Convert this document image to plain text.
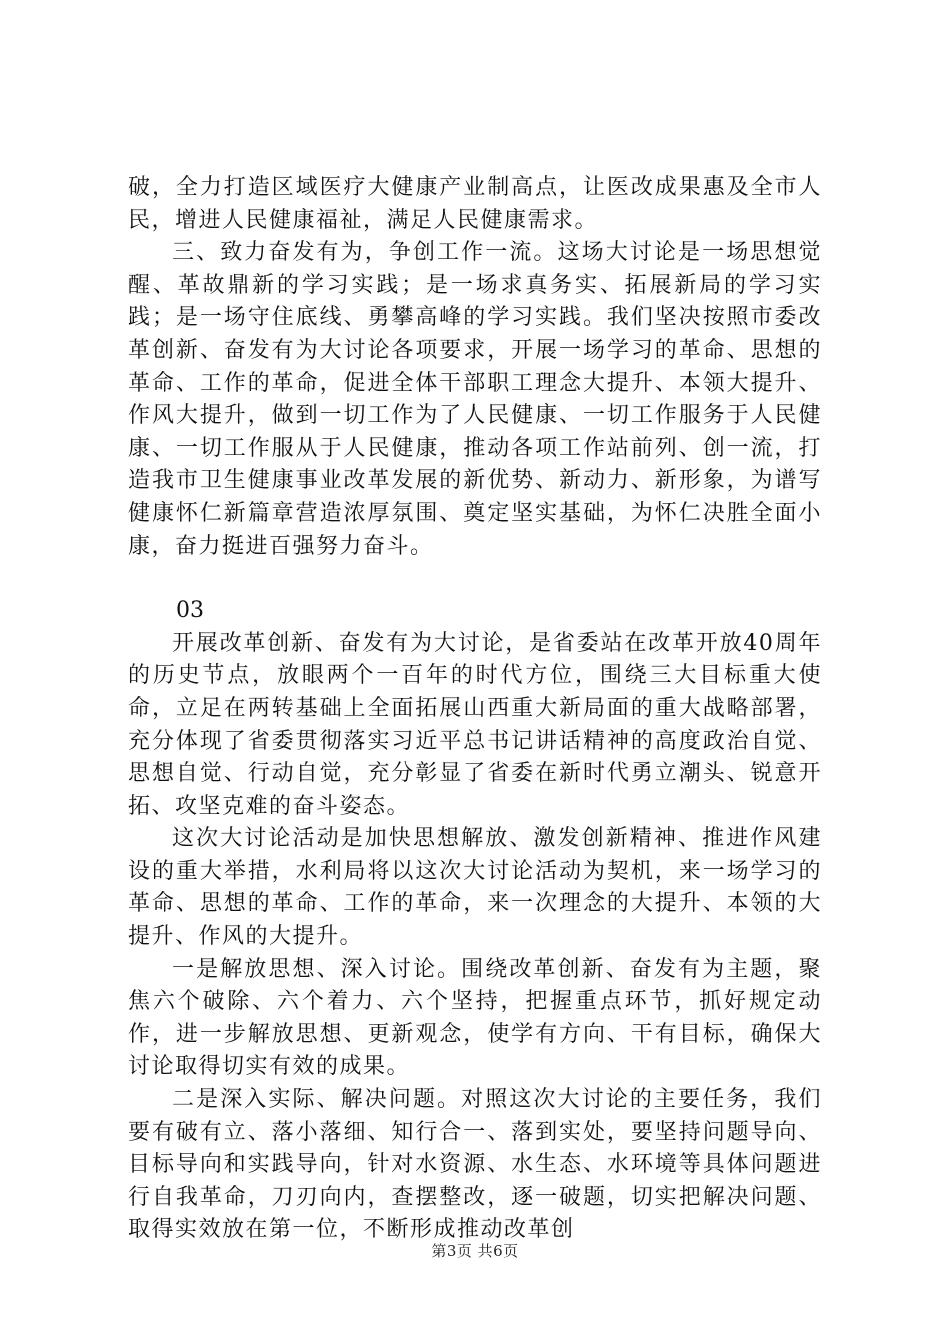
破，全力打造区域医疗大健康产业制高点，让医改成果惠及全市人民，增进人民健康福祉，满足人民健康需求。

三、致力奋发有为，争创工作一流。这场大讨论是一场思想觉醒、革故鼎新的学习实践；是一场求真务实、拓展新局的学习实践；是一场守住底线、勇攀高峰的学习实践。我们坚决按照市委改革创新、奋发有为大讨论各项要求，开展一场学习的革命、思想的革命、工作的革命，促进全体干部职工理念大提升、本领大提升、作风大提升，做到一切工作为了人民健康、一切工作服务于人民健康、一切工作服从于人民健康，推动各项工作站前列、创一流，打造我市卫生健康事业改革发展的新优势、新动力、新形象，为谱写健康怀仁新篇章营造浓厚氛围、奠定坚实基础，为怀仁决胜全面小康，奋力挺进百强努力奋斗。

03

开展改革创新、奋发有为大讨论，是省委站在改革开放40周年的历史节点，放眼两个一百年的时代方位，围绕三大目标重大使命，立足在两转基础上全面拓展山西重大新局面的重大战略部署，充分体现了省委贯彻落实习近平总书记讲话精神的高度政治自觉、思想自觉、行动自觉，充分彰显了省委在新时代勇立潮头、锐意开拓、攻坚克难的奋斗姿态。

这次大讨论活动是加快思想解放、激发创新精神、推进作风建设的重大举措，水利局将以这次大讨论活动为契机，来一场学习的革命、思想的革命、工作的革命，来一次理念的大提升、本领的大提升、作风的大提升。

一是解放思想、深入讨论。围绕改革创新、奋发有为主题，聚焦六个破除、六个着力、六个坚持，把握重点环节，抓好规定动作，进一步解放思想、更新观念，使学有方向、干有目标，确保大讨论取得切实有效的成果。

二是深入实际、解决问题。对照这次大讨论的主要任务，我们要有破有立、落小落细、知行合一、落到实处，要坚持问题导向、目标导向和实践导向，针对水资源、水生态、水环境等具体问题进行自我革命，刀刃向内，查摆整改，逐一破题，切实把解决问题、取得实效放在第一位，不断形成推动改革创

第3页 共6页
